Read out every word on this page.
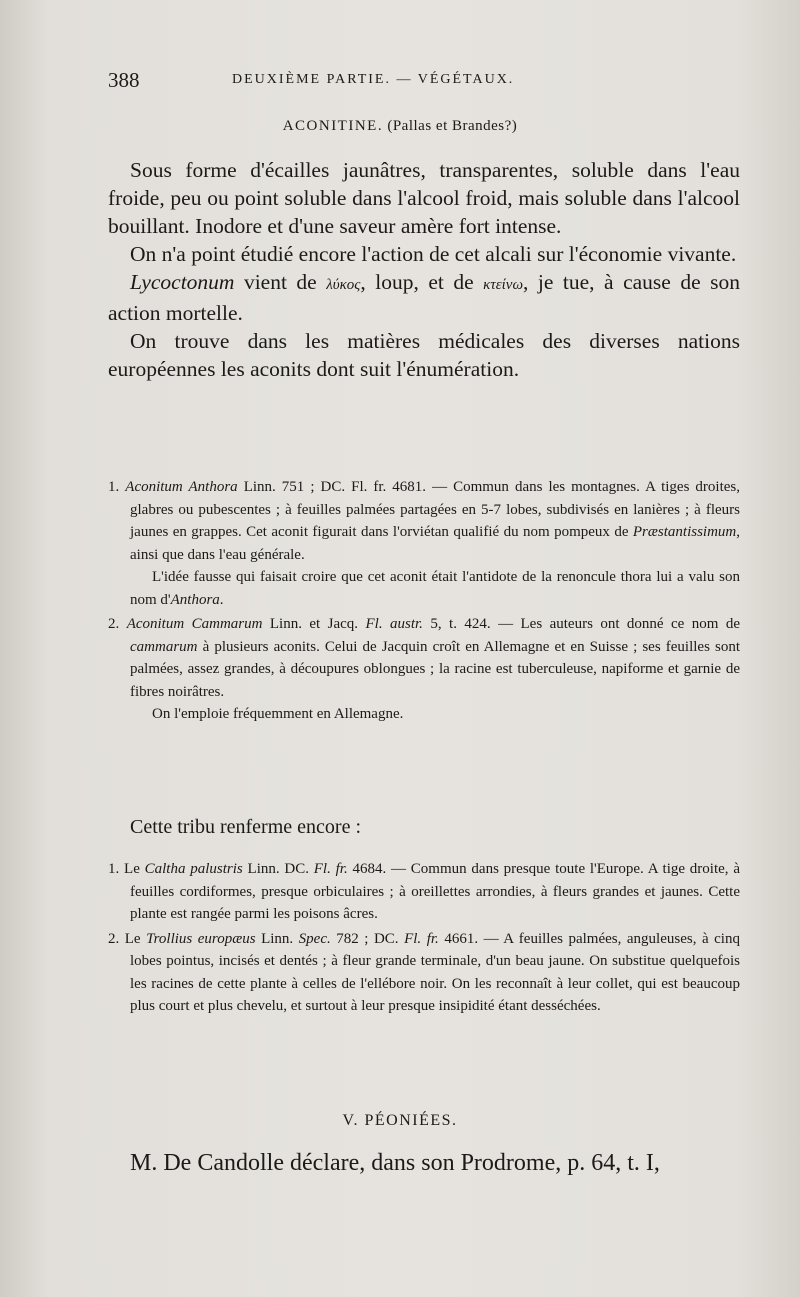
388	DEUXIÈME PARTIE. — VÉGÉTAUX.
ACONITINE. (Pallas et Brandes?)

Sous forme d'écailles jaunâtres, transparentes, soluble dans l'eau froide, peu ou point soluble dans l'alcool froid, mais soluble dans l'alcool bouillant. Inodore et d'une saveur amère fort intense.

On n'a point étudié encore l'action de cet alcali sur l'économie vivante.

Lycoctonum vient de λύκος, loup, et de κτείνω, je tue, à cause de son action mortelle.

On trouve dans les matières médicales des diverses nations européennes les aconits dont suit l'énumération.

1. Aconitum Anthora Linn. 751 ; DC. Fl. fr. 4681. — Commun dans les montagnes. A tiges droites, glabres ou pubescentes ; à feuilles palmées partagées en 5-7 lobes, subdivisés en lanières ; à fleurs jaunes en grappes. Cet aconit figurait dans l'orviétan qualifié du nom pompeux de Præstantissimum, ainsi que dans l'eau générale.

L'idée fausse qui faisait croire que cet aconit était l'antidote de la renoncule thora lui a valu son nom d'Anthora.

2. Aconitum Cammarum Linn. et Jacq. Fl. austr. 5, t. 424. — Les auteurs ont donné ce nom de cammarum à plusieurs aconits. Celui de Jacquin croît en Allemagne et en Suisse ; ses feuilles sont palmées, assez grandes, à découpures oblongues ; la racine est tuberculeuse, napiforme et garnie de fibres noirâtres.

On l'emploie fréquemment en Allemagne.

Cette tribu renferme encore :

1. Le Caltha palustris Linn. DC. Fl. fr. 4684. — Commun dans presque toute l'Europe. A tige droite, à feuilles cordiformes, presque orbiculaires ; à oreillettes arrondies, à fleurs grandes et jaunes. Cette plante est rangée parmi les poisons âcres.

2. Le Trollius europæus Linn. Spec. 782 ; DC. Fl. fr. 4661. — A feuilles palmées, anguleuses, à cinq lobes pointus, incisés et dentés ; à fleur grande terminale, d'un beau jaune. On substitue quelquefois les racines de cette plante à celles de l'ellébore noir. On les reconnaît à leur collet, qui est beaucoup plus court et plus chevelu, et surtout à leur presque insipidité étant desséchées.

V. PÉONIÉES.
M. De Candolle déclare, dans son Prodrome, p. 64, t. I,
